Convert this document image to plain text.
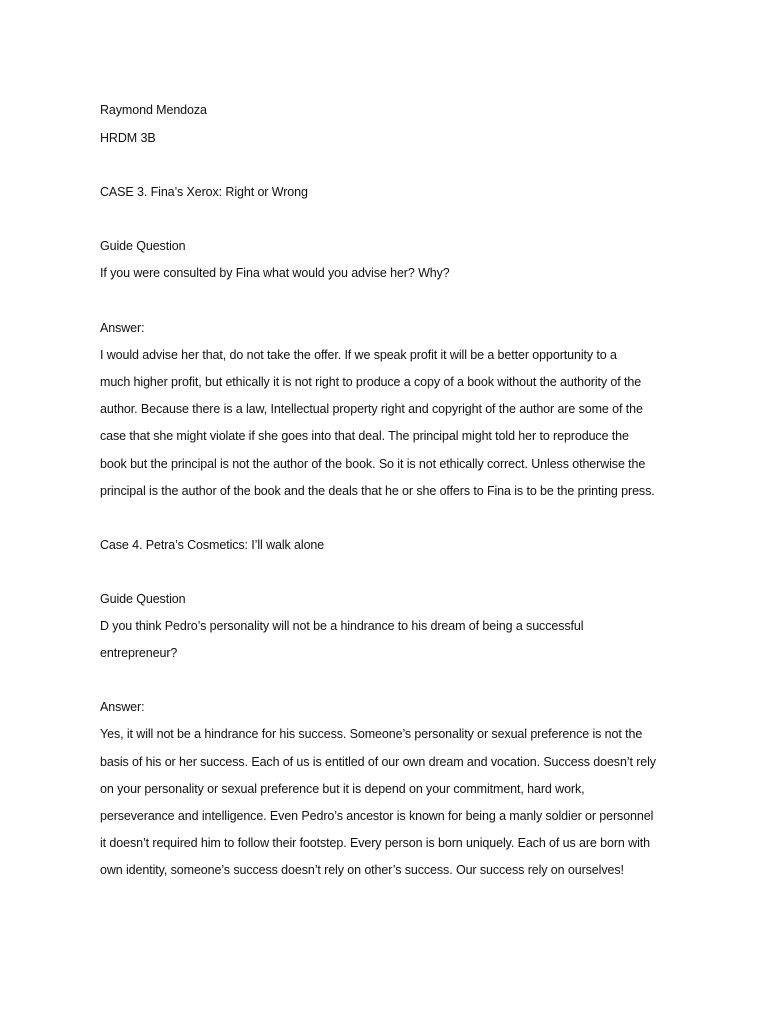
Raymond Mendoza
HRDM 3B
CASE 3. Fina’s Xerox: Right or Wrong
Guide Question
If you were consulted by Fina what would you advise her? Why?
Answer:
I would advise her that, do not take the offer. If we speak profit it will be a better opportunity to a
much higher profit, but ethically it is not right to produce a copy of a book without the authority of the
author. Because there is a law, Intellectual property right and copyright of the author are some of the
case that she might violate if she goes into that deal. The principal might told her to reproduce the
book but the principal is not the author of the book. So it is not ethically correct. Unless otherwise the
principal is the author of the book and the deals that he or she offers to Fina is to be the printing press.
Case 4. Petra’s Cosmetics: I’ll walk alone
Guide Question
D you think Pedro’s personality will not be a hindrance to his dream of being a successful
entrepreneur?
Answer:
Yes, it will not be a hindrance for his success. Someone’s personality or sexual preference is not the
basis of his or her success. Each of us is entitled of our own dream and vocation. Success doesn’t rely
on your personality or sexual preference but it is depend on your commitment, hard work,
perseverance and intelligence. Even Pedro’s ancestor is known for being a manly soldier or personnel
it doesn’t required him to follow their footstep. Every person is born uniquely. Each of us are born with
own identity, someone’s success doesn’t rely on other’s success. Our success rely on ourselves!
